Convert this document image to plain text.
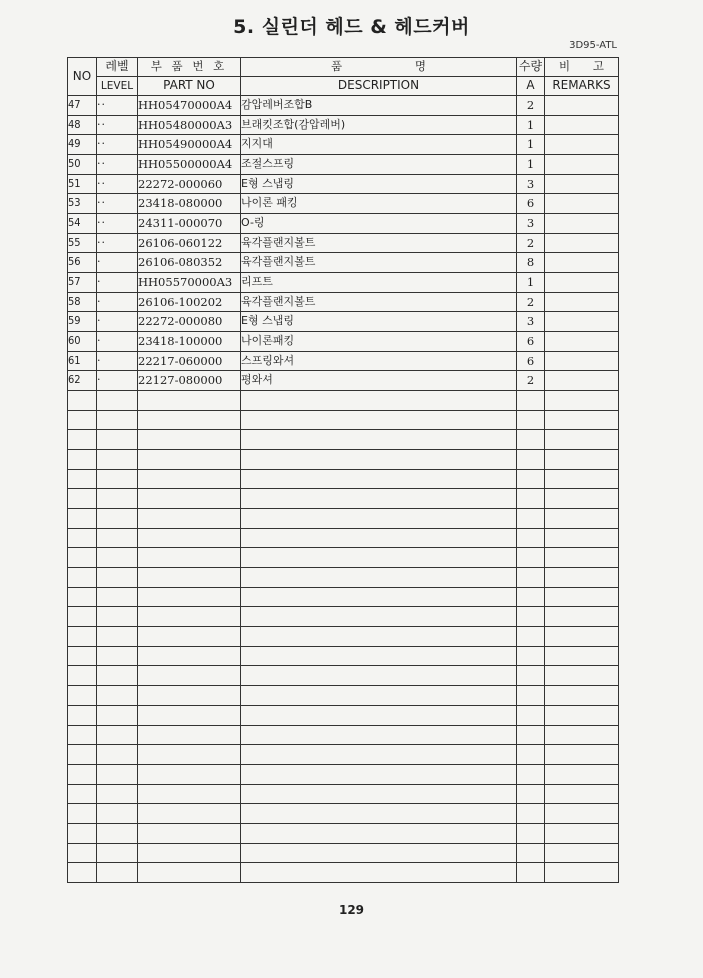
5. 실린더 헤드 & 헤드커버
3D95-ATL
NO	레벨	부 품 번 호	품 명	수량	비 고

	LEVEL	PART NO	DESCRIPTION	A	REMARKS
47	··	HH05470000A4	감압레버조합B	2	
48	··	HH05480000A3	브래킷조합(감압레버)	1	
49	··	HH05490000A4	지지대	1	
50	··	HH05500000A4	조절스프링	1	
51	··	22272-000060	E형 스냅링	3	
53	··	23418-080000	나이론 패킹	6	
54	··	24311-000070	O-링	3	
55	··	26106-060122	육각플랜지볼트	2	
56	·	26106-080352	육각플랜지볼트	8	
57	·	HH05570000A3	리프트	1	
58	·	26106-100202	육각플랜지볼트	2	
59	·	22272-000080	E형 스냅링	3	
60	·	23418-100000	나이론패킹	6	
61	·	22217-060000	스프링와셔	6	
62	·	22127-080000	평와셔	2	

129
